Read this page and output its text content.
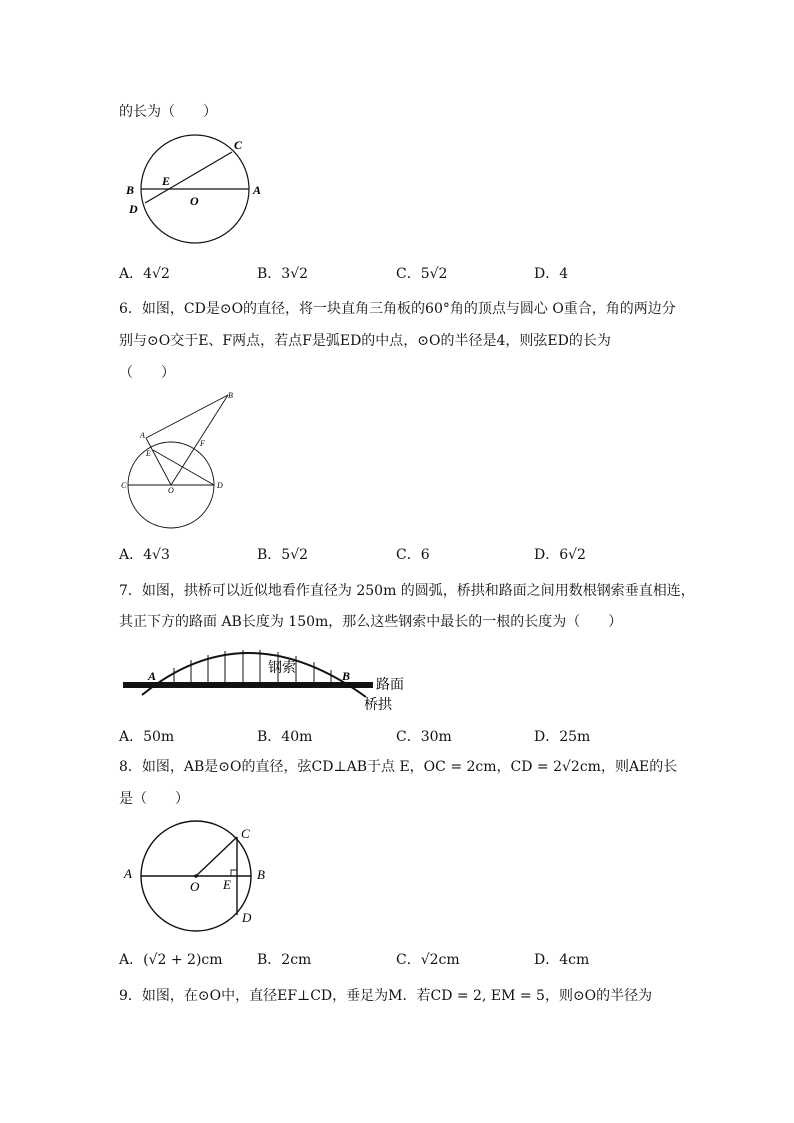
的长为（　　）
C
B
E
O
A
D
A．4√2	B．3√2	C．5√2	D．4
6．如图，CD是⊙O的直径，将一块直角三角板的60°角的顶点与圆心 O重合，角的两边分
别与⊙O交于E、F两点，若点F是弧ED的中点，⊙O的半径是4，则弦ED的长为
（　　）
B
A
E
F
C
O
D
A．4√3	B．5√2	C．6	D．6√2
7．如图，拱桥可以近似地看作直径为 250m 的圆弧，桥拱和路面之间用数根钢索垂直相连，
其正下方的路面 AB长度为 150m，那么这些钢索中最长的一根的长度为（　　）
A	B
钢索
路面
桥拱
A．50m	B．40m	C．30m	D．25m
8．如图，AB是⊙O的直径，弦CD⊥AB于点 E，OC = 2cm，CD = 2√2cm，则AE的长
是（　　）
C
A
O E
B
D
A．(√2 + 2)cm B．2cm	C．√2cm	D．4cm
9．如图，在⊙O中，直径EF⊥CD，垂足为M．若CD = 2, EM = 5，则⊙O的半径为
